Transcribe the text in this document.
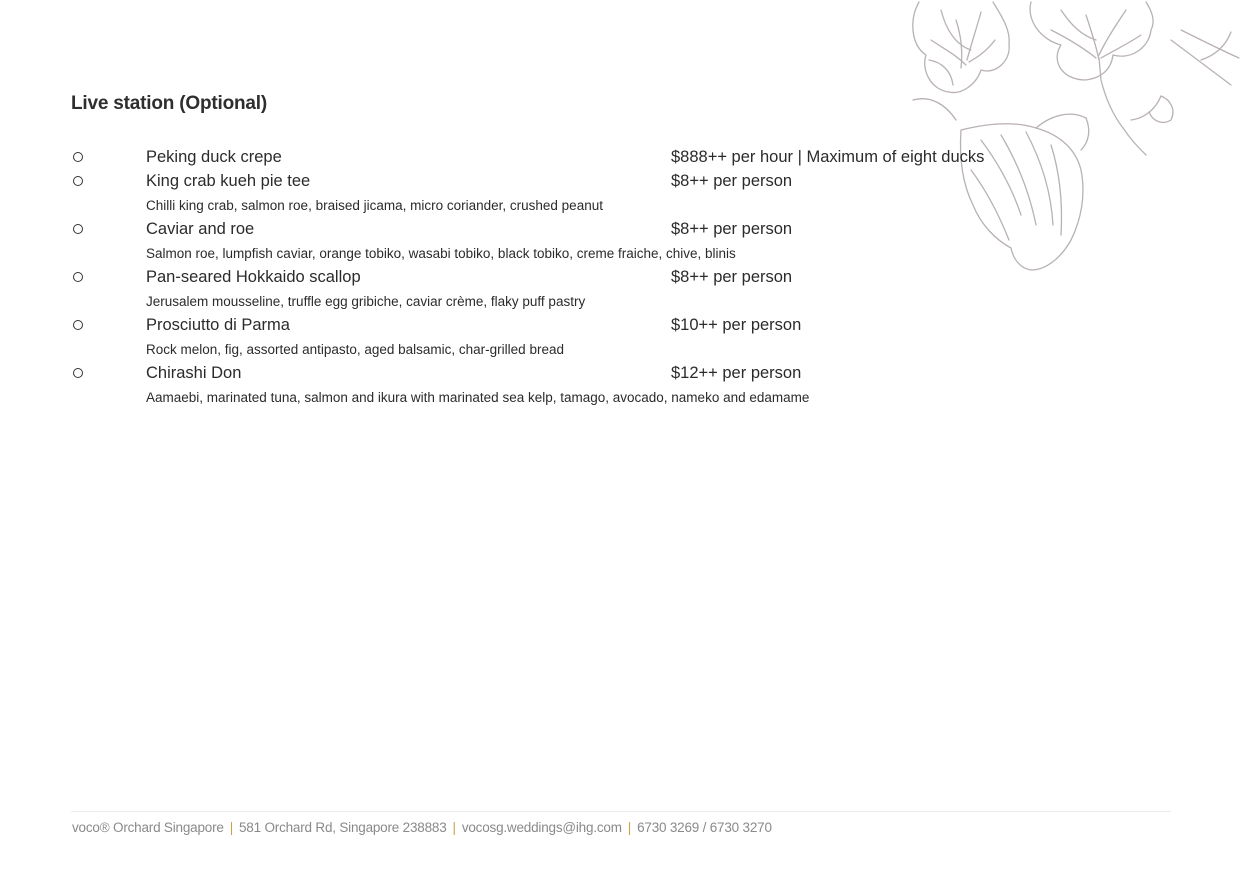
Live station (Optional)
Peking duck crepe	$888++ per hour | Maximum of eight ducks
King crab kueh pie tee	$8++ per person
Chilli king crab, salmon roe, braised jicama, micro coriander, crushed peanut
Caviar and roe	$8++ per person
Salmon roe, lumpfish caviar, orange tobiko, wasabi tobiko, black tobiko, creme fraiche, chive, blinis
Pan-seared Hokkaido scallop	$8++ per person
Jerusalem mousseline, truffle egg gribiche, caviar crème, flaky puff pastry
Prosciutto di Parma	$10++ per person
Rock melon, fig, assorted antipasto, aged balsamic, char-grilled bread
Chirashi Don	$12++ per person
Aamaebi, marinated tuna, salmon and ikura with marinated sea kelp, tamago, avocado, nameko and edamame
voco® Orchard Singapore | 581 Orchard Rd, Singapore 238883 | vocosg.weddings@ihg.com | 6730 3269 / 6730 3270
